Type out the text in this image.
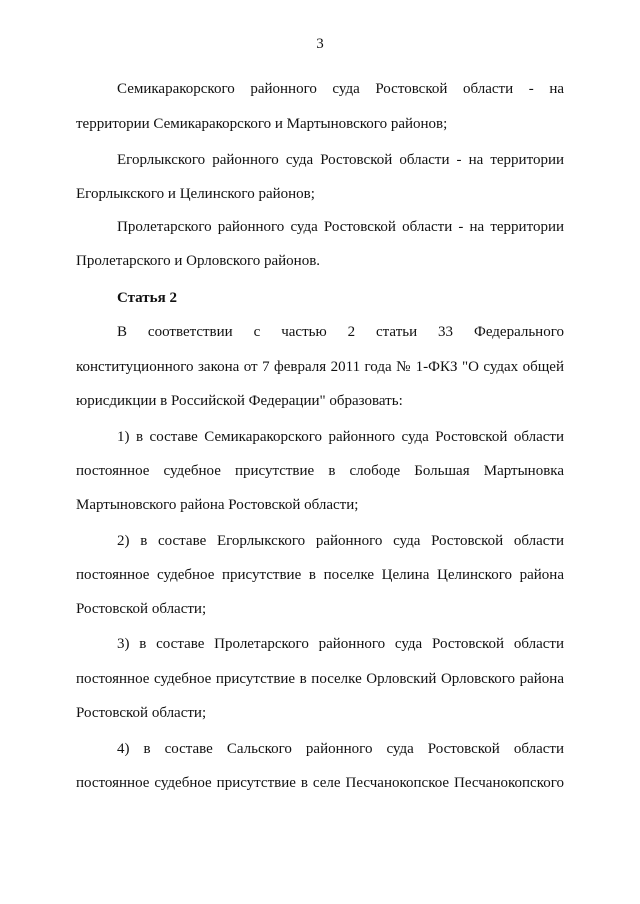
3
Семикаракорского районного суда Ростовской области - на
территории Семикаракорского и Мартыновского районов;
Егорлыкского районного суда Ростовской области - на территории
Егорлыкского и Целинского районов;
Пролетарского районного суда Ростовской области - на территории
Пролетарского и Орловского районов.
Статья 2
В соответствии с частью 2 статьи 33 Федерального
конституционного закона от 7 февраля 2011 года № 1-ФКЗ "О судах общей
юрисдикции в Российской Федерации" образовать:
1) в составе Семикаракорского районного суда Ростовской области
постоянное судебное присутствие в слободе Большая Мартыновка
Мартыновского района Ростовской области;
2) в составе Егорлыкского районного суда Ростовской области
постоянное судебное присутствие в поселке Целина Целинского района
Ростовской области;
3) в составе Пролетарского районного суда Ростовской области
постоянное судебное присутствие в поселке Орловский Орловского района
Ростовской области;
4) в составе Сальского районного суда Ростовской области
постоянное судебное присутствие в селе Песчанокопское Песчанокопского
